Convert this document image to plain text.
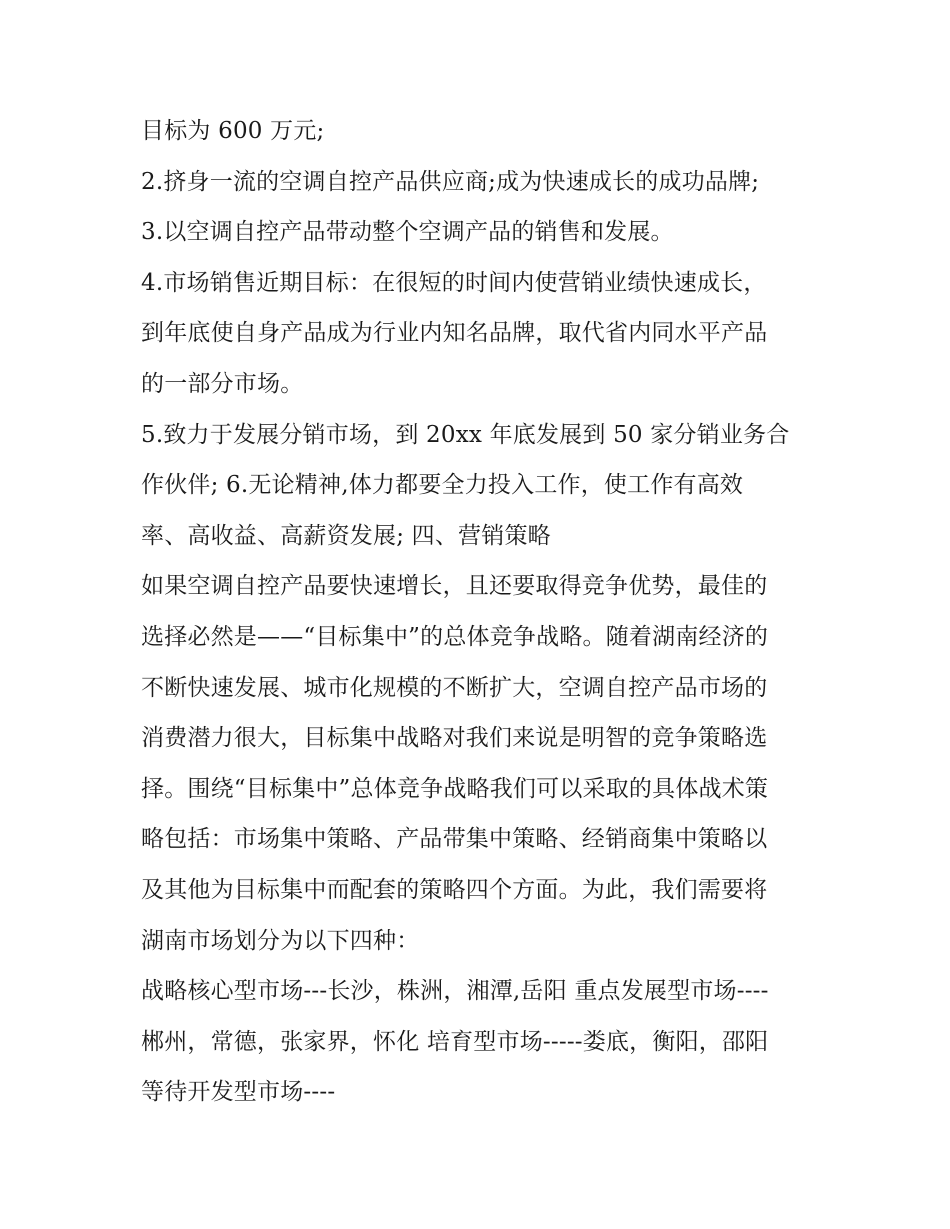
目标为 600 万元;
2.挤身一流的空调自控产品供应商;成为快速成长的成功品牌;
3.以空调自控产品带动整个空调产品的销售和发展。
4.市场销售近期目标：在很短的时间内使营销业绩快速成长，
到年底使自身产品成为行业内知名品牌，取代省内同水平产品
的一部分市场。
5.致力于发展分销市场，到 20xx 年底发展到 50 家分销业务合
作伙伴; 6.无论精神,体力都要全力投入工作，使工作有高效
率、高收益、高薪资发展; 四、营销策略
如果空调自控产品要快速增长，且还要取得竞争优势，最佳的
选择必然是——“目标集中”的总体竞争战略。随着湖南经济的
不断快速发展、城市化规模的不断扩大，空调自控产品市场的
消费潜力很大，目标集中战略对我们来说是明智的竞争策略选
择。围绕“目标集中”总体竞争战略我们可以采取的具体战术策
略包括：市场集中策略、产品带集中策略、经销商集中策略以
及其他为目标集中而配套的策略四个方面。为此，我们需要将
湖南市场划分为以下四种：
战略核心型市场---长沙，株洲，湘潭,岳阳 重点发展型市场----
郴州，常德，张家界，怀化 培育型市场-----娄底，衡阳，邵阳
等待开发型市场----
